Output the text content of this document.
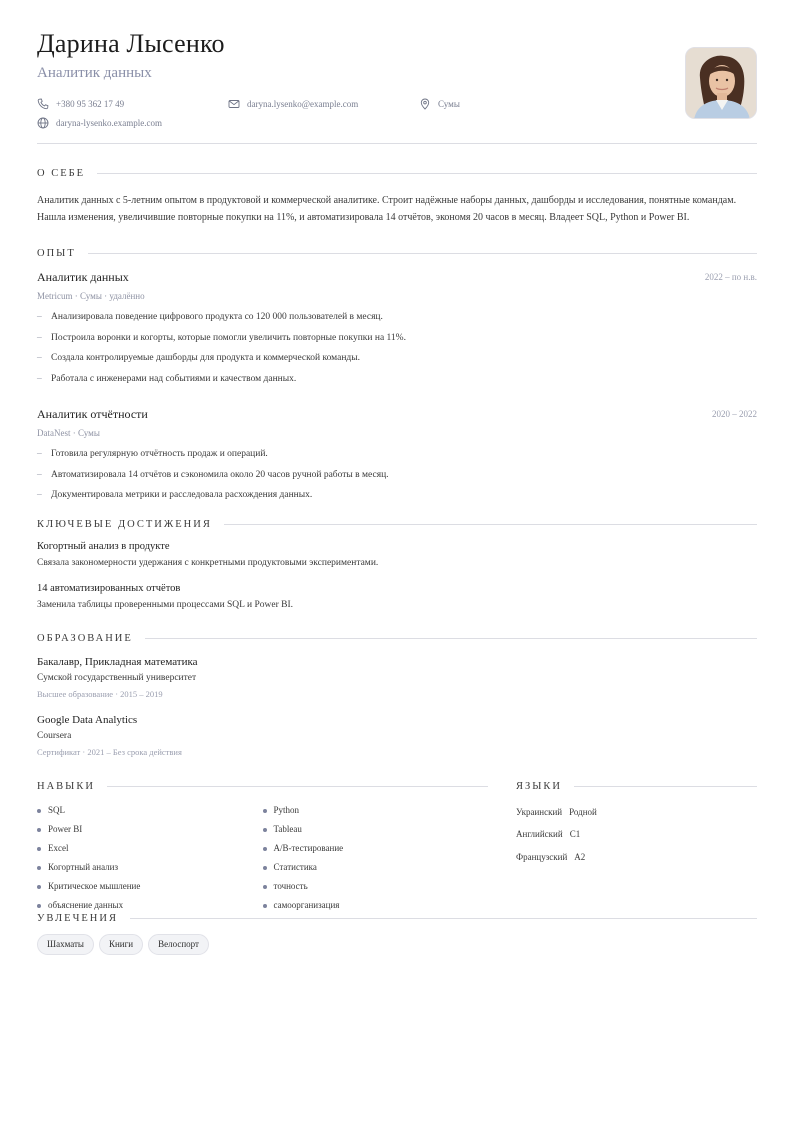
Дарина Лысенко
Аналитик данных
+380 95 362 17 49	daryna.lysenko@example.com	Сумы
daryna-lysenko.example.com
О СЕБЕ

Аналитик данных с 5-летним опытом в продуктовой и коммерческой аналитике. Строит надёжные наборы данных, дашборды и исследования, понятные командам. Нашла изменения, увеличившие повторные покупки на 11%, и автоматизировала 14 отчётов, экономя 20 часов в месяц. Владеет SQL, Python и Power BI.

ОПЫТ
Аналитик данных	2022 – по н.в.
Metricum · Сумы · удалённо
– Анализировала поведение цифрового продукта со 120 000 пользователей в месяц.
– Построила воронки и когорты, которые помогли увеличить повторные покупки на 11%.
– Создала контролируемые дашборды для продукта и коммерческой команды.
– Работала с инженерами над событиями и качеством данных.
Аналитик отчётности	2020 – 2022
DataNest · Сумы
– Готовила регулярную отчётность продаж и операций.
– Автоматизировала 14 отчётов и сэкономила около 20 часов ручной работы в месяц.
– Документировала метрики и расследовала расхождения данных.
КЛЮЧЕВЫЕ ДОСТИЖЕНИЯ
Когортный анализ в продукте
Связала закономерности удержания с конкретными продуктовыми экспериментами.
14 автоматизированных отчётов
Заменила таблицы проверенными процессами SQL и Power BI.
ОБРАЗОВАНИЕ
Бакалавр, Прикладная математика
Сумской государственный университет
Высшее образование · 2015 – 2019
Google Data Analytics
Coursera
Сертификат · 2021 – Без срока действия
НАВЫКИ
SQL
Power BI
Excel
Когортный анализ
Критическое мышление
объяснение данных
Python
Tableau
A/B-тестирование
Статистика
точность
самоорганизация
ЯЗЫКИ
Украинский Родной
Английский C1
Французский A2
УВЛЕЧЕНИЯ
Шахматы	Книги	Велоспорт
